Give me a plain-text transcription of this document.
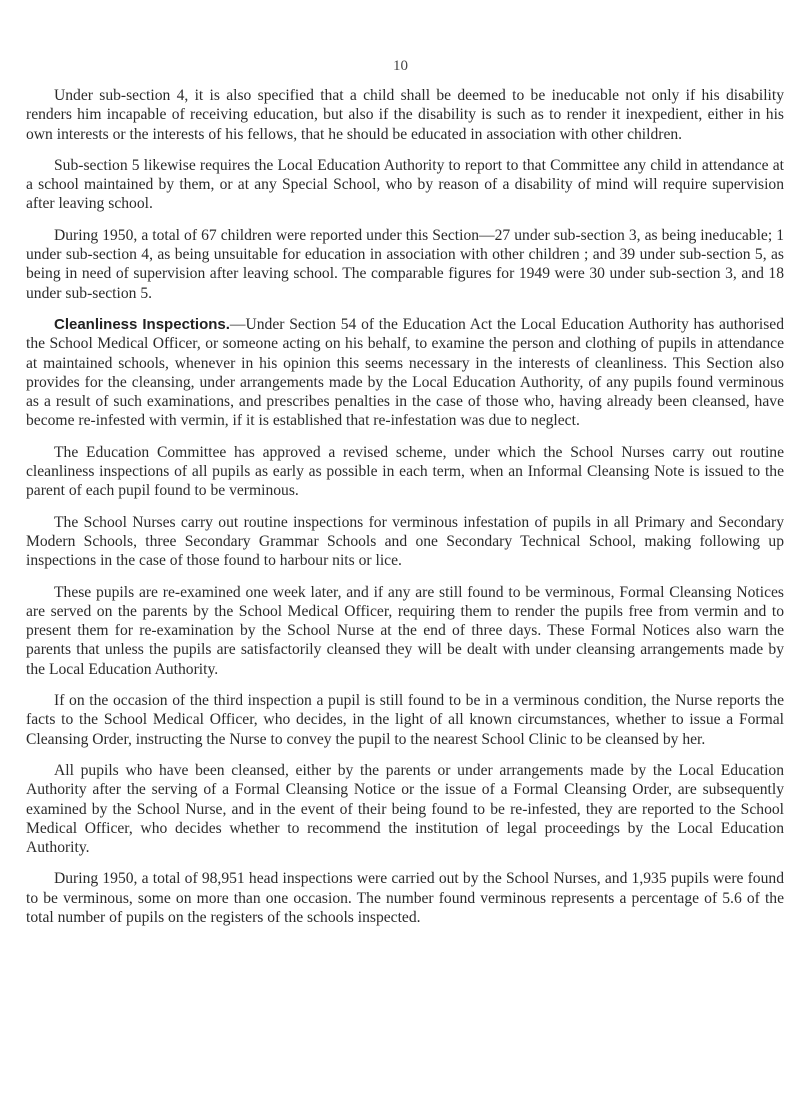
10

Under sub-section 4, it is also specified that a child shall be deemed to be ineducable not only if his disability renders him incapable of receiving education, but also if the disability is such as to render it inexpedient, either in his own interests or the interests of his fellows, that he should be educated in association with other children.

Sub-section 5 likewise requires the Local Education Authority to report to that Committee any child in attendance at a school maintained by them, or at any Special School, who by reason of a disability of mind will require supervision after leaving school.

During 1950, a total of 67 children were reported under this Section—27 under sub-section 3, as being ineducable; 1 under sub-section 4, as being unsuitable for education in association with other children ; and 39 under sub-section 5, as being in need of supervision after leaving school. The comparable figures for 1949 were 30 under sub-section 3, and 18 under sub-section 5.

Cleanliness Inspections.—Under Section 54 of the Education Act the Local Education Authority has authorised the School Medical Officer, or someone acting on his behalf, to examine the person and clothing of pupils in attendance at maintained schools, whenever in his opinion this seems necessary in the interests of cleanliness. This Section also provides for the cleansing, under arrangements made by the Local Education Authority, of any pupils found verminous as a result of such examinations, and prescribes penalties in the case of those who, having already been cleansed, have become re-infested with vermin, if it is established that re-infestation was due to neglect.

The Education Committee has approved a revised scheme, under which the School Nurses carry out routine cleanliness inspections of all pupils as early as possible in each term, when an Informal Cleansing Note is issued to the parent of each pupil found to be verminous.

The School Nurses carry out routine inspections for verminous infestation of pupils in all Primary and Secondary Modern Schools, three Secondary Grammar Schools and one Secondary Technical School, making following up inspections in the case of those found to harbour nits or lice.

These pupils are re-examined one week later, and if any are still found to be verminous, Formal Cleansing Notices are served on the parents by the School Medical Officer, requiring them to render the pupils free from vermin and to present them for re-examination by the School Nurse at the end of three days. These Formal Notices also warn the parents that unless the pupils are satisfactorily cleansed they will be dealt with under cleansing arrangements made by the Local Education Authority.

If on the occasion of the third inspection a pupil is still found to be in a verminous condition, the Nurse reports the facts to the School Medical Officer, who decides, in the light of all known circumstances, whether to issue a Formal Cleansing Order, instructing the Nurse to convey the pupil to the nearest School Clinic to be cleansed by her.

All pupils who have been cleansed, either by the parents or under arrangements made by the Local Education Authority after the serving of a Formal Cleansing Notice or the issue of a Formal Cleansing Order, are subsequently examined by the School Nurse, and in the event of their being found to be re-infested, they are reported to the School Medical Officer, who decides whether to recommend the institution of legal proceedings by the Local Education Authority.

During 1950, a total of 98,951 head inspections were carried out by the School Nurses, and 1,935 pupils were found to be verminous, some on more than one occasion. The number found verminous represents a percentage of 5.6 of the total number of pupils on the registers of the schools inspected.
